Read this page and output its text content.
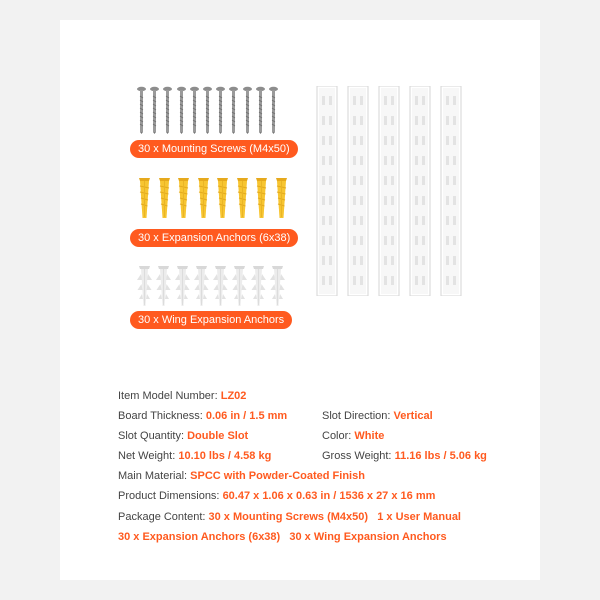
30 x Mounting Screws (M4x50)
30 x Expansion Anchors (6x38)
30 x Wing Expansion Anchors
Item Model Number: LZ02
Board Thickness: 0.06 in / 1.5 mm	Slot Direction: Vertical
Slot Quantity: Double Slot	Color: White
Net Weight: 10.10 lbs / 4.58 kg	Gross Weight: 11.16 lbs / 5.06 kg
Main Material: SPCC with Powder-Coated Finish
Product Dimensions: 60.47 x 1.06 x 0.63 in / 1536 x 27 x 16 mm
Package Content: 30 x Mounting Screws (M4x50) 1 x User Manual
30 x Expansion Anchors (6x38) 30 x Wing Expansion Anchors
